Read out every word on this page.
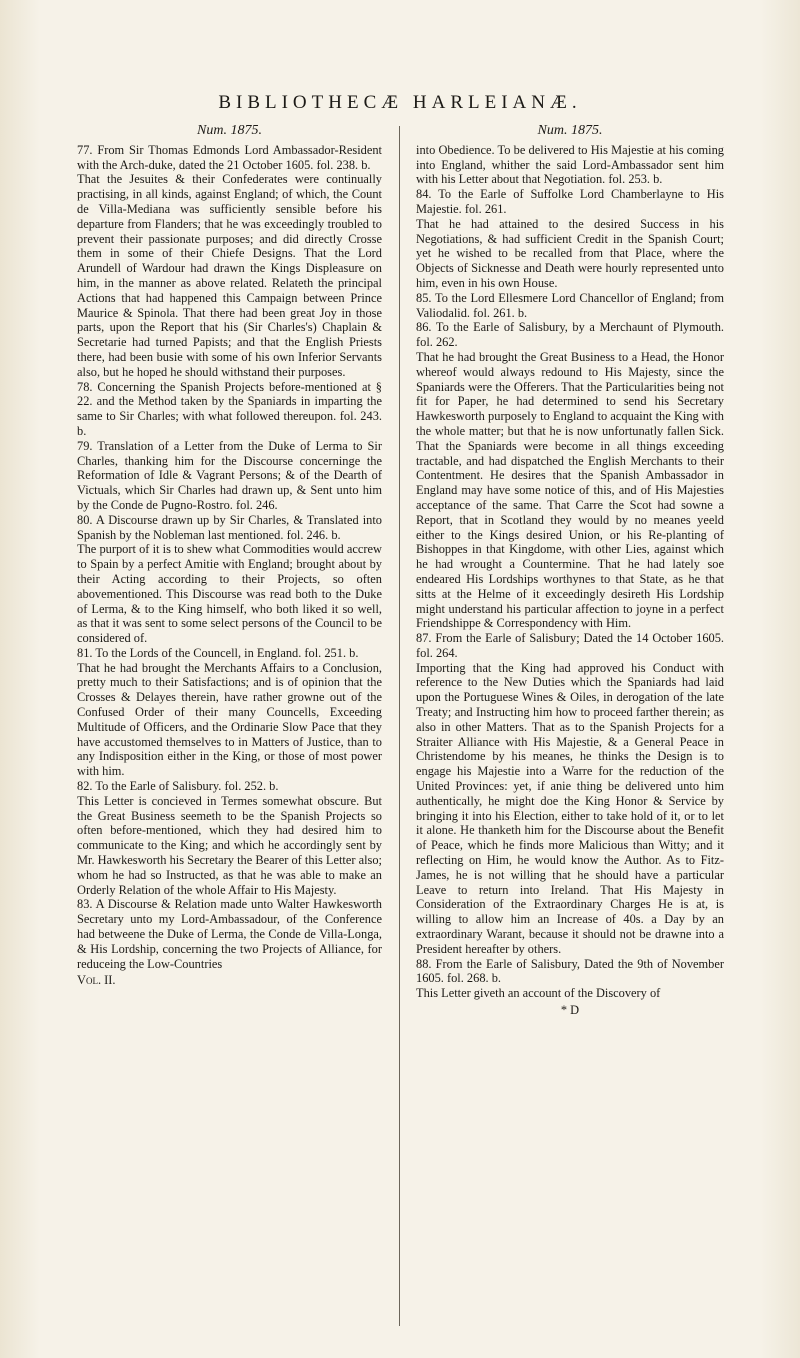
BIBLIOTHECÆ HARLEIANÆ.
Num. 1875.

77. From Sir Thomas Edmonds Lord Ambassador-Resident with the Arch-duke, dated the 21 October 1605. fol. 238. b.

That the Jesuites & their Confederates were continually practising, in all kinds, against England; of which, the Count de Villa-Mediana was sufficiently sensible before his departure from Flanders; that he was exceedingly troubled to prevent their passionate purposes; and did directly Crosse them in some of their Chiefe Designs. That the Lord Arundell of Wardour had drawn the Kings Displeasure on him, in the manner as above related. Relateth the principal Actions that had happened this Campaign between Prince Maurice & Spinola. That there had been great Joy in those parts, upon the Report that his (Sir Charles's) Chaplain & Secretarie had turned Papists; and that the English Priests there, had been busie with some of his own Inferior Servants also, but he hoped he should withstand their purposes.

78. Concerning the Spanish Projects before-mentioned at § 22. and the Method taken by the Spaniards in imparting the same to Sir Charles; with what followed thereupon. fol. 243. b.

79. Translation of a Letter from the Duke of Lerma to Sir Charles, thanking him for the Discourse concerninge the Reformation of Idle & Vagrant Persons; & of the Dearth of Victuals, which Sir Charles had drawn up, & Sent unto him by the Conde de Pugno-Rostro. fol. 246.

80. A Discourse drawn up by Sir Charles, & Translated into Spanish by the Nobleman last mentioned. fol. 246. b.

The purport of it is to shew what Commodities would accrew to Spain by a perfect Amitie with England; brought about by their Acting according to their Projects, so often abovementioned. This Discourse was read both to the Duke of Lerma, & to the King himself, who both liked it so well, as that it was sent to some select persons of the Council to be considered of.

81. To the Lords of the Councell, in England. fol. 251. b.

That he had brought the Merchants Affairs to a Conclusion, pretty much to their Satisfactions; and is of opinion that the Crosses & Delayes therein, have rather growne out of the Confused Order of their many Councells, Exceeding Multitude of Officers, and the Ordinarie Slow Pace that they have accustomed themselves to in Matters of Justice, than to any Indisposition either in the King, or those of most power with him.

82. To the Earle of Salisbury. fol. 252. b.

This Letter is concieved in Termes somewhat obscure. But the Great Business seemeth to be the Spanish Projects so often before-mentioned, which they had desired him to communicate to the King; and which he accordingly sent by Mr. Hawkesworth his Secretary the Bearer of this Letter also; whom he had so Instructed, as that he was able to make an Orderly Relation of the whole Affair to His Majesty.

83. A Discourse & Relation made unto Walter Hawkesworth Secretary unto my Lord-Ambassadour, of the Conference had betweene the Duke of Lerma, the Conde de Villa-Longa, & His Lordship, concerning the two Projects of Alliance, for reduceing the Low-Countries

Vol. II.
Num. 1875.

into Obedience. To be delivered to His Majestie at his coming into England, whither the said Lord-Ambassador sent him with his Letter about that Negotiation. fol. 253. b.

84. To the Earle of Suffolke Lord Chamberlayne to His Majestie. fol. 261.

That he had attained to the desired Success in his Negotiations, & had sufficient Credit in the Spanish Court; yet he wished to be recalled from that Place, where the Objects of Sicknesse and Death were hourly represented unto him, even in his own House.

85. To the Lord Ellesmere Lord Chancellor of England; from Valiodalid. fol. 261. b.

86. To the Earle of Salisbury, by a Merchaunt of Plymouth. fol. 262.

That he had brought the Great Business to a Head, the Honor whereof would always redound to His Majesty, since the Spaniards were the Offerers. That the Particularities being not fit for Paper, he had determined to send his Secretary Hawkesworth purposely to England to acquaint the King with the whole matter; but that he is now unfortunatly fallen Sick. That the Spaniards were become in all things exceeding tractable, and had dispatched the English Merchants to their Contentment. He desires that the Spanish Ambassador in England may have some notice of this, and of His Majesties acceptance of the same. That Carre the Scot had sowne a Report, that in Scotland they would by no meanes yeeld either to the Kings desired Union, or his Re-planting of Bishoppes in that Kingdome, with other Lies, against which he had wrought a Countermine. That he had lately soe endeared His Lordships worthynes to that State, as he that sitts at the Helme of it exceedingly desireth His Lordship might understand his particular affection to joyne in a perfect Friendshippe & Correspondency with Him.

87. From the Earle of Salisbury; Dated the 14 October 1605. fol. 264.

Importing that the King had approved his Conduct with reference to the New Duties which the Spaniards had laid upon the Portuguese Wines & Oiles, in derogation of the late Treaty; and Instructing him how to proceed farther therein; as also in other Matters. That as to the Spanish Projects for a Straiter Alliance with His Majestie, & a General Peace in Christendome by his meanes, he thinks the Design is to engage his Majestie into a Warre for the reduction of the United Provinces: yet, if anie thing be delivered unto him authentically, he might doe the King Honor & Service by bringing it into his Election, either to take hold of it, or to let it alone. He thanketh him for the Discourse about the Benefit of Peace, which he finds more Malicious than Witty; and it reflecting on Him, he would know the Author. As to Fitz-James, he is not willing that he should have a particular Leave to return into Ireland. That His Majesty in Consideration of the Extraordinary Charges He is at, is willing to allow him an Increase of 40s. a Day by an extraordinary Warant, because it should not be drawne into a President hereafter by others.

88. From the Earle of Salisbury, Dated the 9th of November 1605. fol. 268. b.

This Letter giveth an account of the Discovery of

* D
